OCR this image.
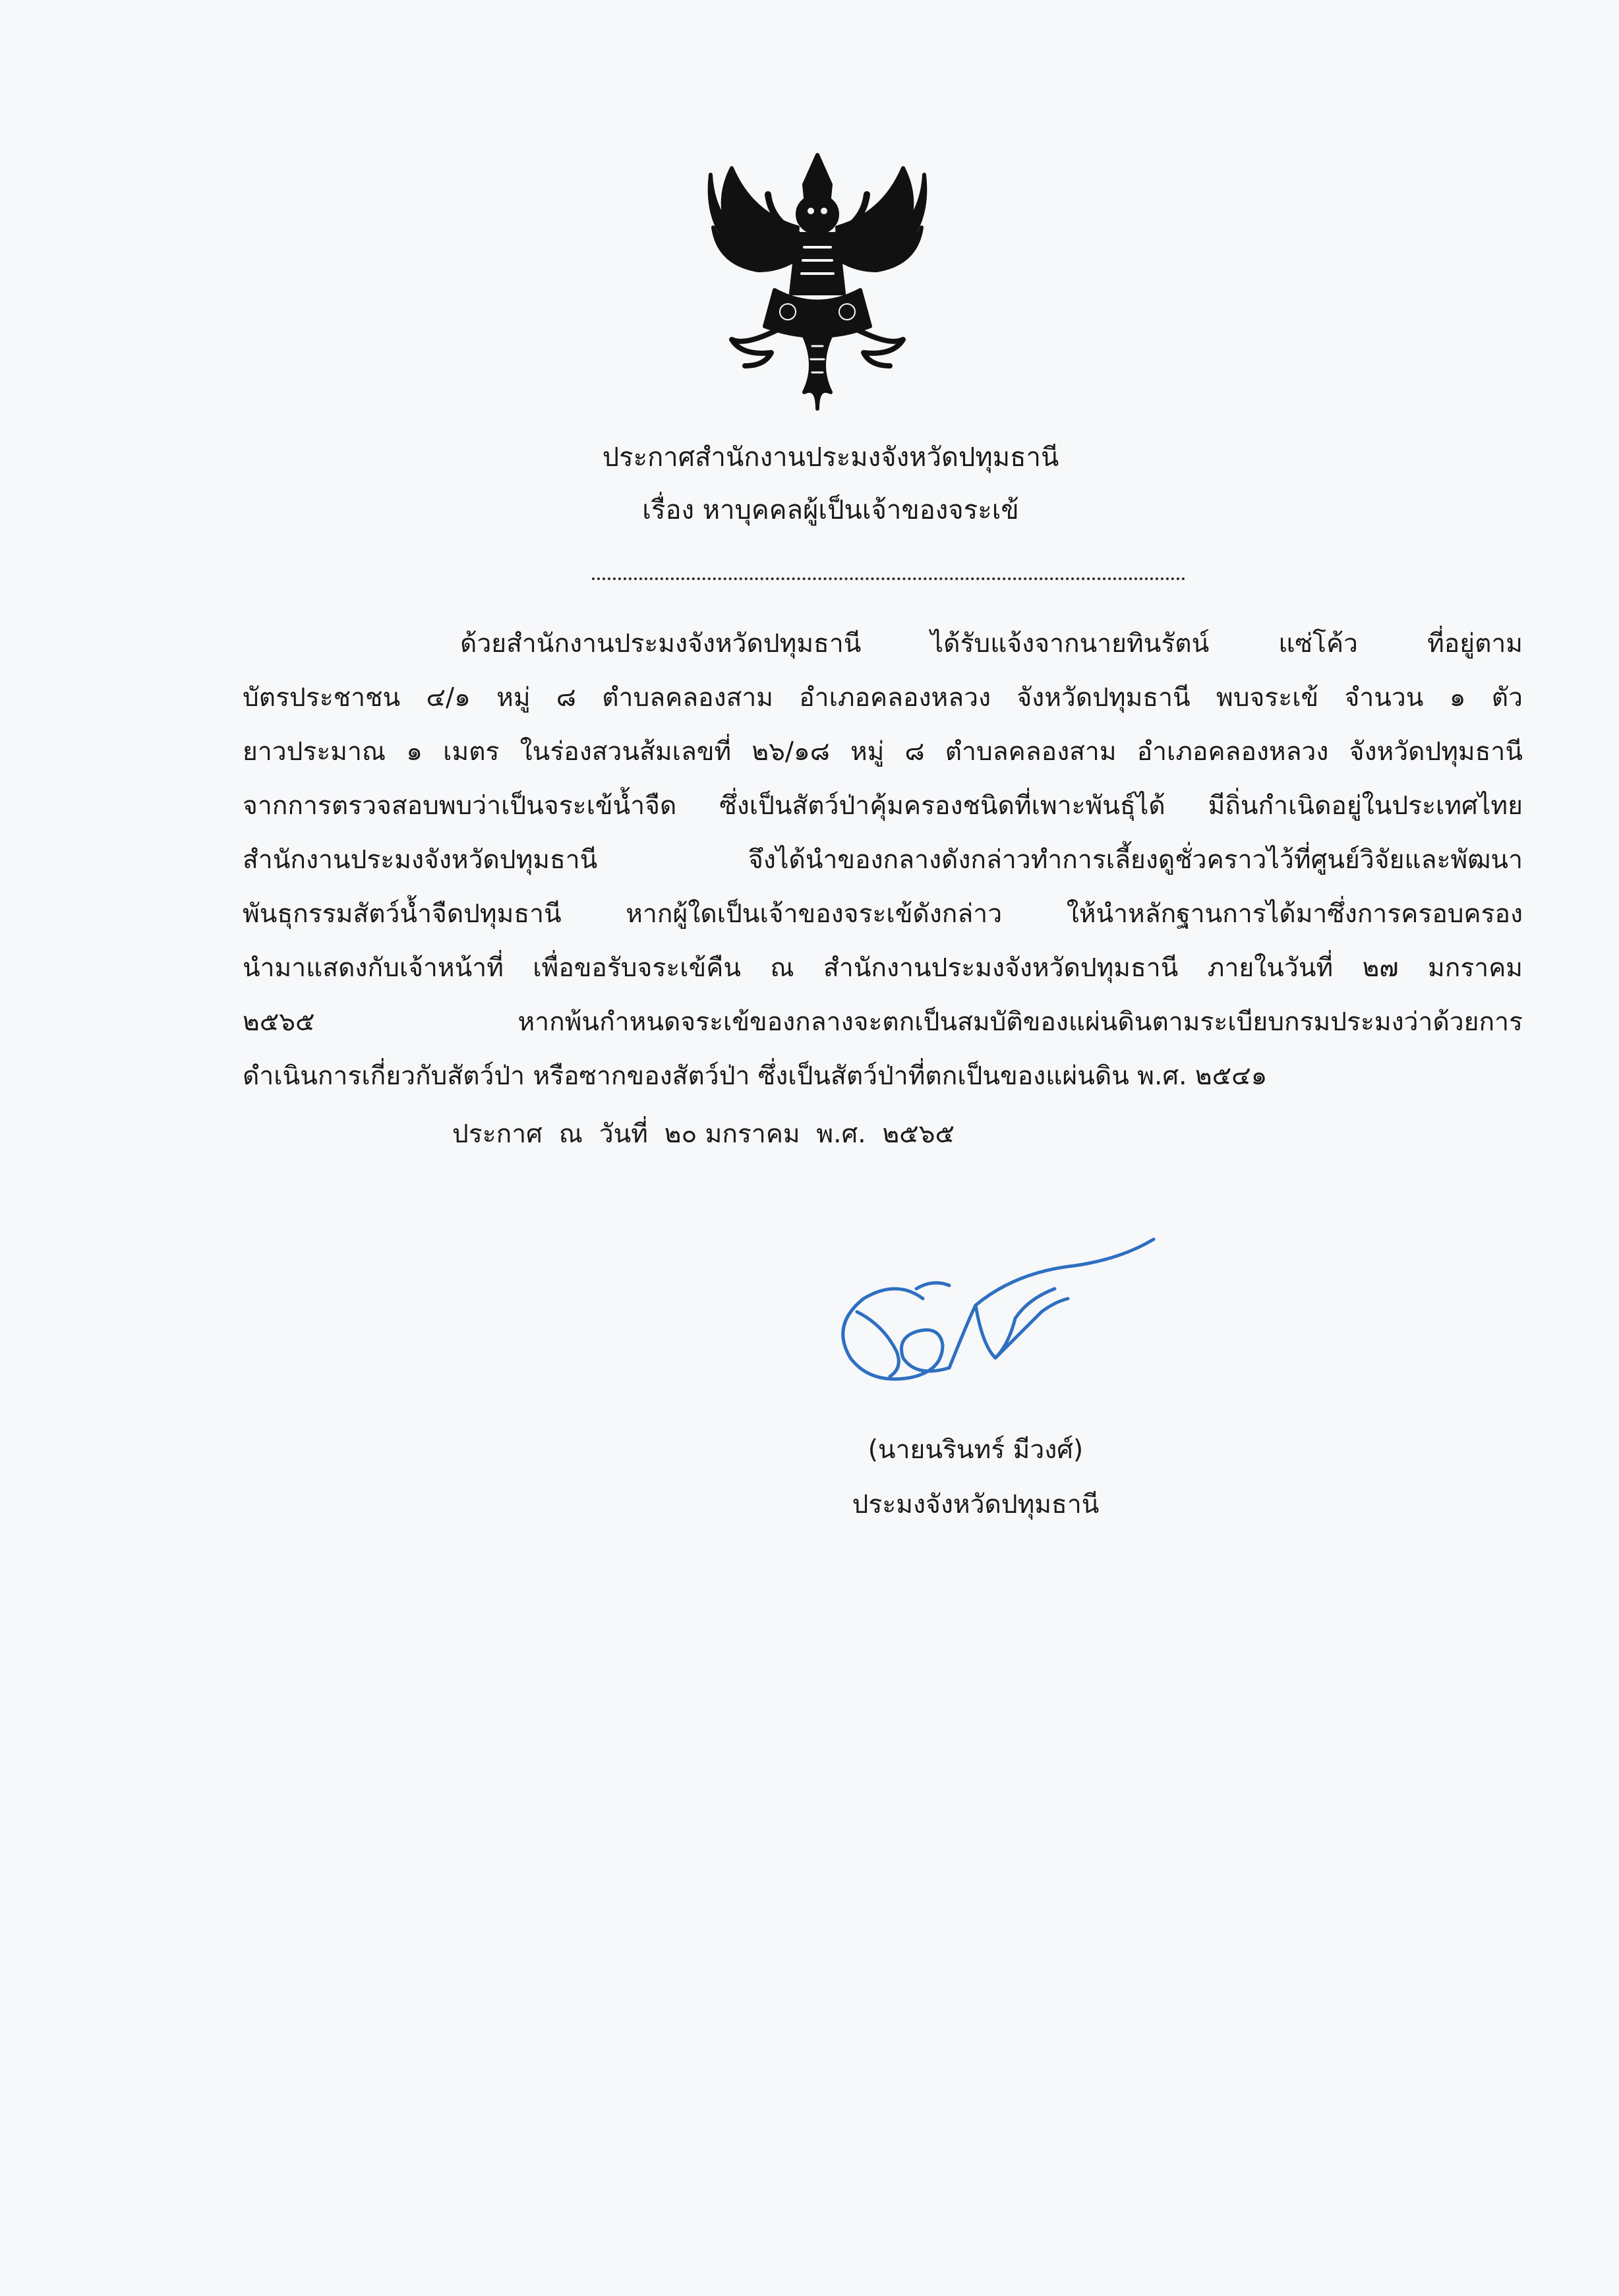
ประกาศสำนักงานประมงจังหวัดปทุมธานี
เรื่อง หาบุคคลผู้เป็นเจ้าของจระเข้
ด้วยสำนักงานประมงจังหวัดปทุมธานี ได้รับแจ้งจากนายทินรัตน์ แซ่โค้ว ที่อยู่ตาม
บัตรประชาชน ๔/๑ หมู่ ๘ ตำบลคลองสาม อำเภอคลองหลวง จังหวัดปทุมธานี พบจระเข้ จำนวน ๑ ตัว
ยาวประมาณ ๑ เมตร ในร่องสวนส้มเลขที่ ๒๖/๑๘ หมู่ ๘ ตำบลคลองสาม อำเภอคลองหลวง จังหวัดปทุมธานี
จากการตรวจสอบพบว่าเป็นจระเข้น้ำจืด ซึ่งเป็นสัตว์ป่าคุ้มครองชนิดที่เพาะพันธุ์ได้ มีถิ่นกำเนิดอยู่ในประเทศไทย
สำนักงานประมงจังหวัดปทุมธานี จึงได้นำของกลางดังกล่าวทำการเลี้ยงดูชั่วคราวไว้ที่ศูนย์วิจัยและพัฒนา
พันธุกรรมสัตว์น้ำจืดปทุมธานี หากผู้ใดเป็นเจ้าของจระเข้ดังกล่าว ให้นำหลักฐานการได้มาซึ่งการครอบครอง
นำมาแสดงกับเจ้าหน้าที่ เพื่อขอรับจระเข้คืน ณ สำนักงานประมงจังหวัดปทุมธานี ภายในวันที่ ๒๗ มกราคม
๒๕๖๕ หากพ้นกำหนดจระเข้ของกลางจะตกเป็นสมบัติของแผ่นดินตามระเบียบกรมประมงว่าด้วยการ
ดำเนินการเกี่ยวกับสัตว์ป่า หรือซากของสัตว์ป่า ซึ่งเป็นสัตว์ป่าที่ตกเป็นของแผ่นดิน พ.ศ. ๒๕๔๑
ประกาศ  ณ  วันที่  ๒๐ มกราคม  พ.ศ.  ๒๕๖๕
(นายนรินทร์ มีวงศ์)
ประมงจังหวัดปทุมธานี
